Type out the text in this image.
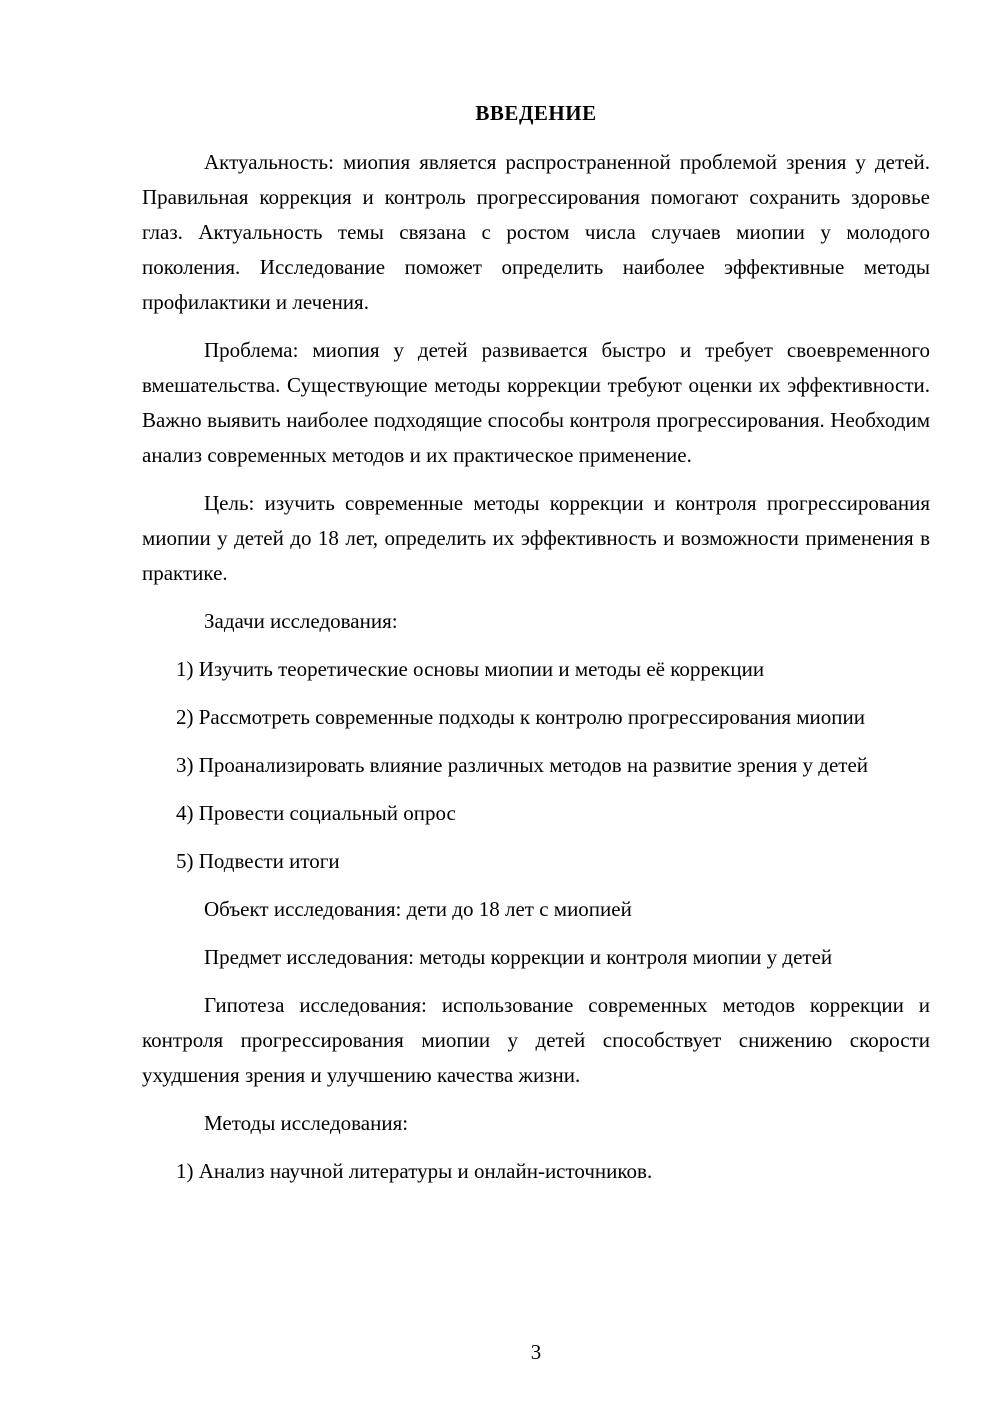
ВВЕДЕНИЕ

Актуальность: миопия является распространенной проблемой зрения у детей. Правильная коррекция и контроль прогрессирования помогают сохранить здоровье глаз. Актуальность темы связана с ростом числа случаев миопии у молодого поколения. Исследование поможет определить наиболее эффективные методы профилактики и лечения.

Проблема: миопия у детей развивается быстро и требует своевременного вмешательства. Существующие методы коррекции требуют оценки их эффективности. Важно выявить наиболее подходящие способы контроля прогрессирования. Необходим анализ современных методов и их практическое применение.

Цель: изучить современные методы коррекции и контроля прогрессирования миопии у детей до 18 лет, определить их эффективность и возможности применения в практике.

Задачи исследования:

1) Изучить теоретические основы миопии и методы её коррекции

2) Рассмотреть современные подходы к контролю прогрессирования миопии

3) Проанализировать влияние различных методов на развитие зрения у детей

4) Провести социальный опрос

5) Подвести итоги

Объект исследования: дети до 18 лет с миопией

Предмет исследования: методы коррекции и контроля миопии у детей

Гипотеза исследования: использование современных методов коррекции и контроля прогрессирования миопии у детей способствует снижению скорости ухудшения зрения и улучшению качества жизни.

Методы исследования:

1) Анализ научной литературы и онлайн-источников.

3
